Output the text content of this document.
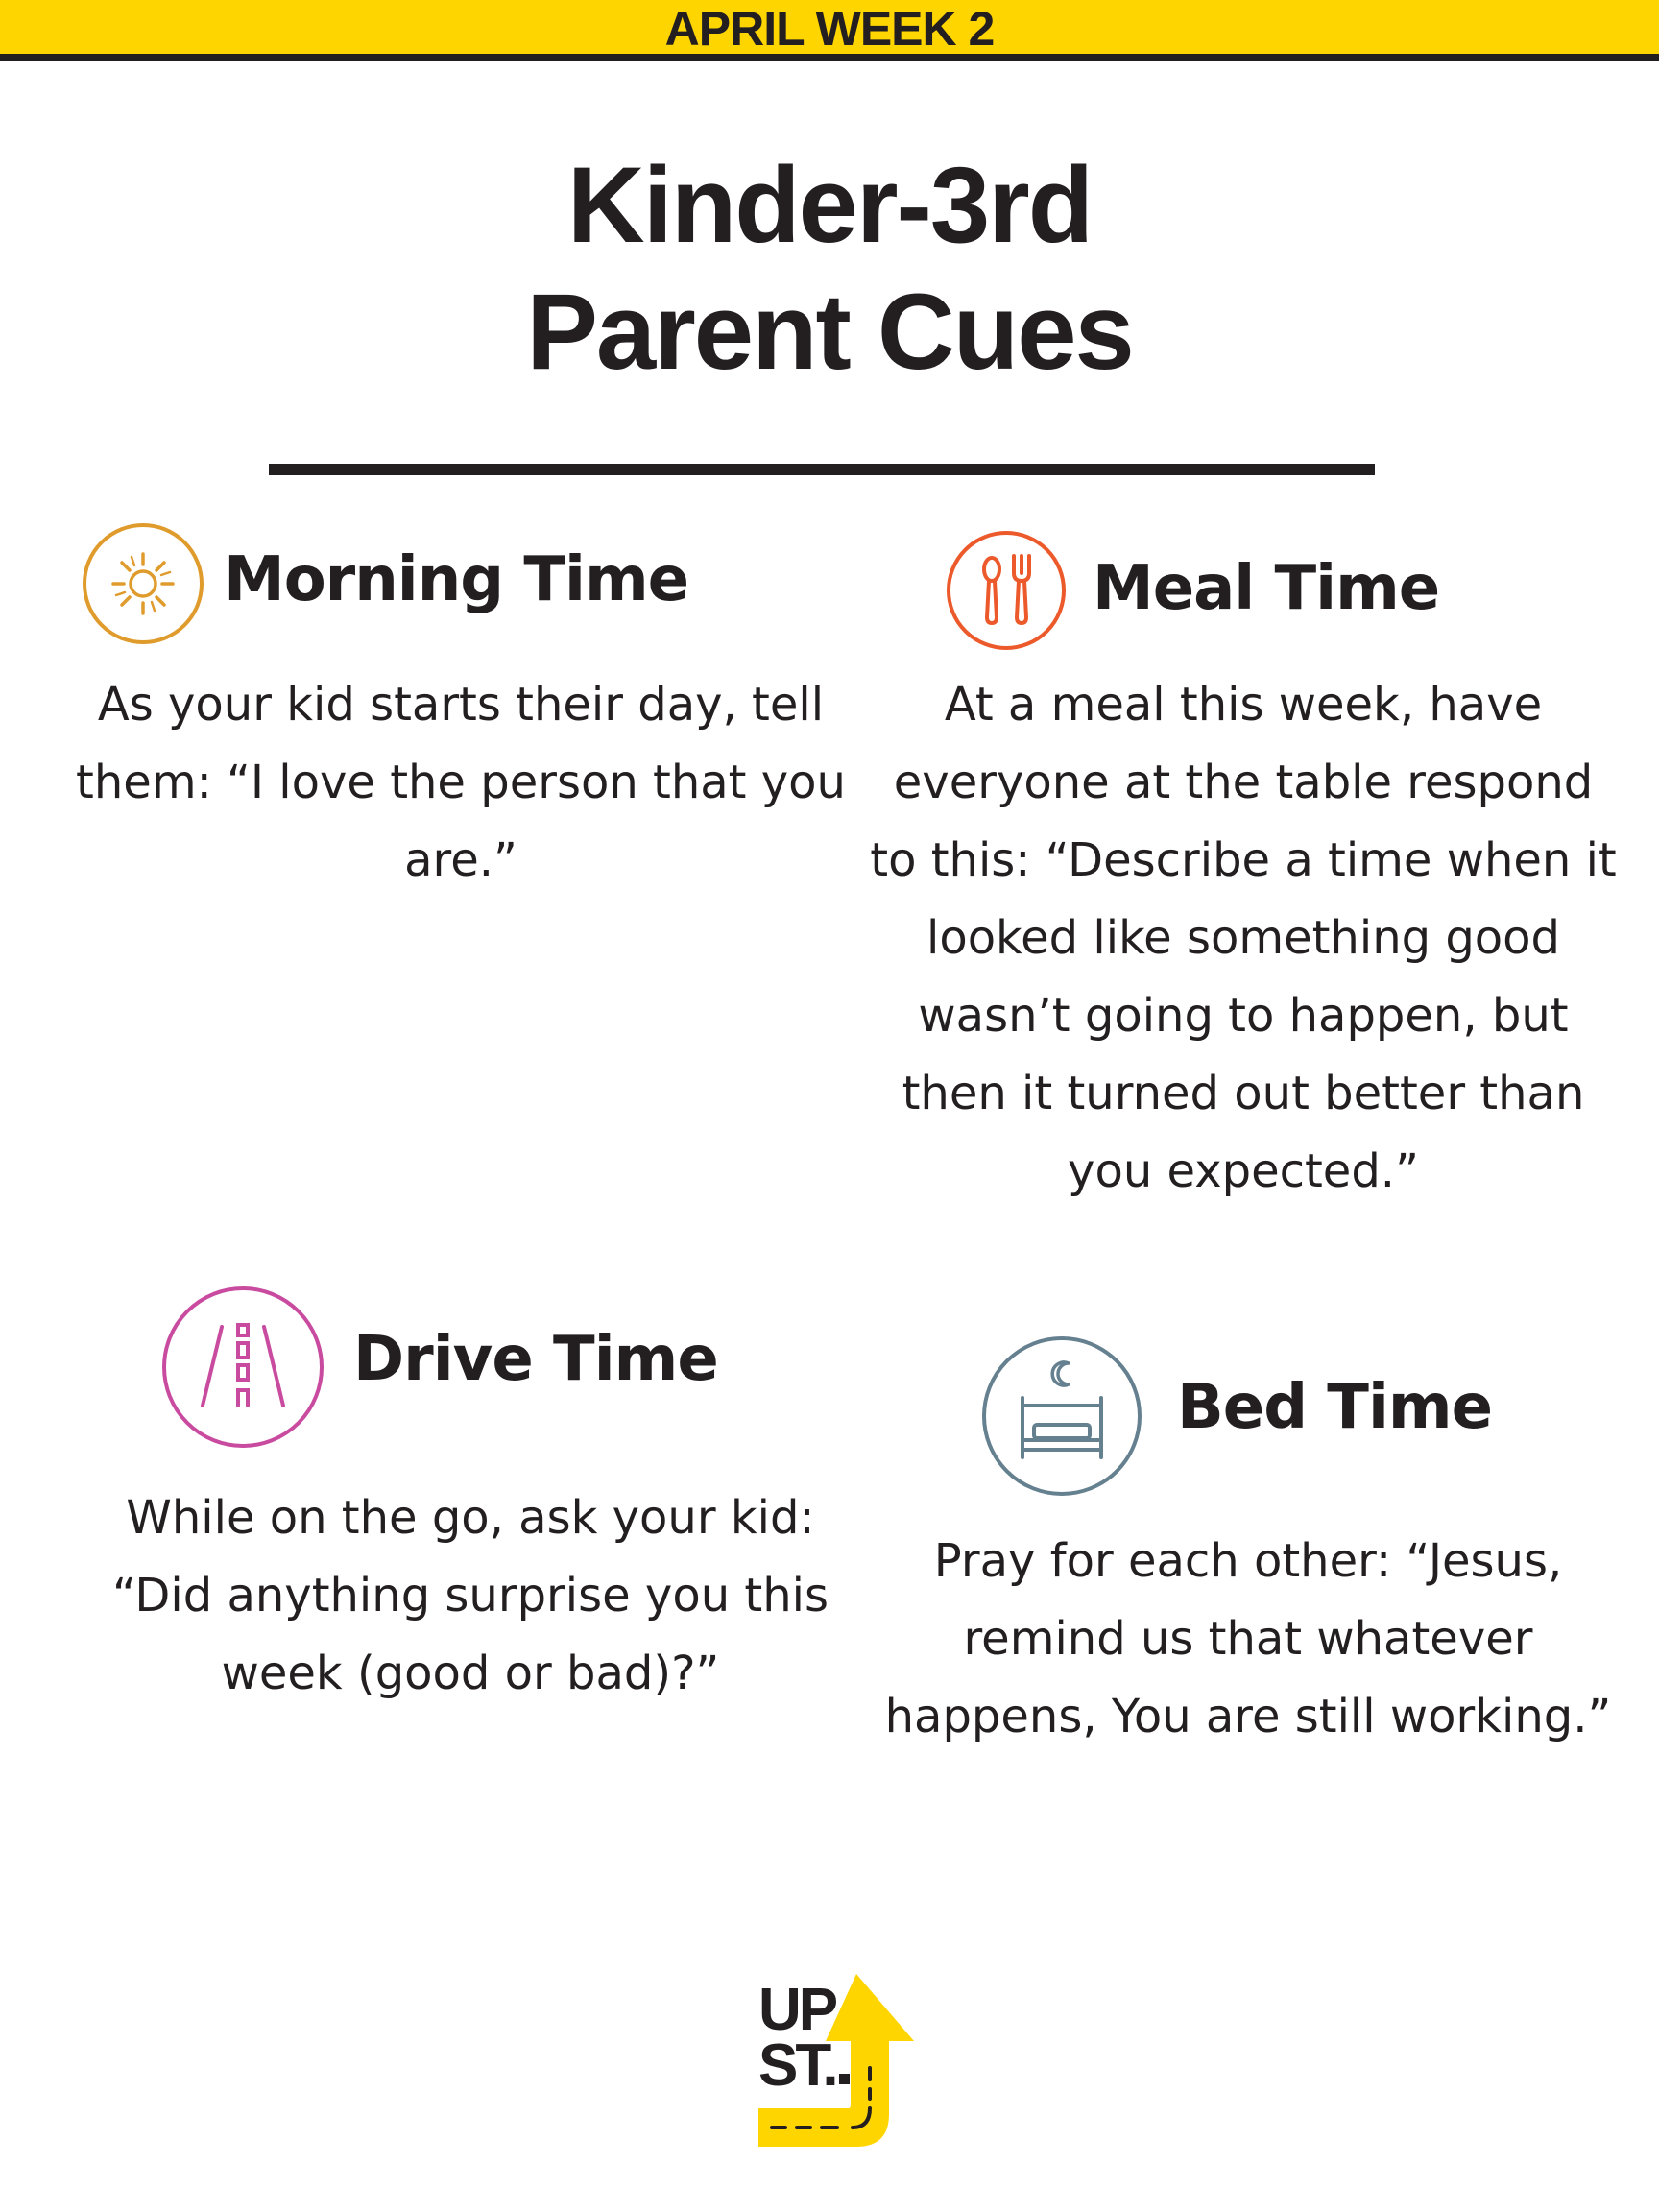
APRIL WEEK 2
Kinder-3rd
Parent Cues
Morning Time

As your kid starts their day, tell them: “I love the person that you are.”

Meal Time

At a meal this week, have everyone at the table respond to this: “Describe a time when it looked like something good wasn’t going to happen, but then it turned out better than you expected.”

Drive Time

While on the go, ask your kid: “Did anything surprise you this week (good or bad)?”

Bed Time

Pray for each other: “Jesus, remind us that whatever happens, You are still working.”

UP
ST.
